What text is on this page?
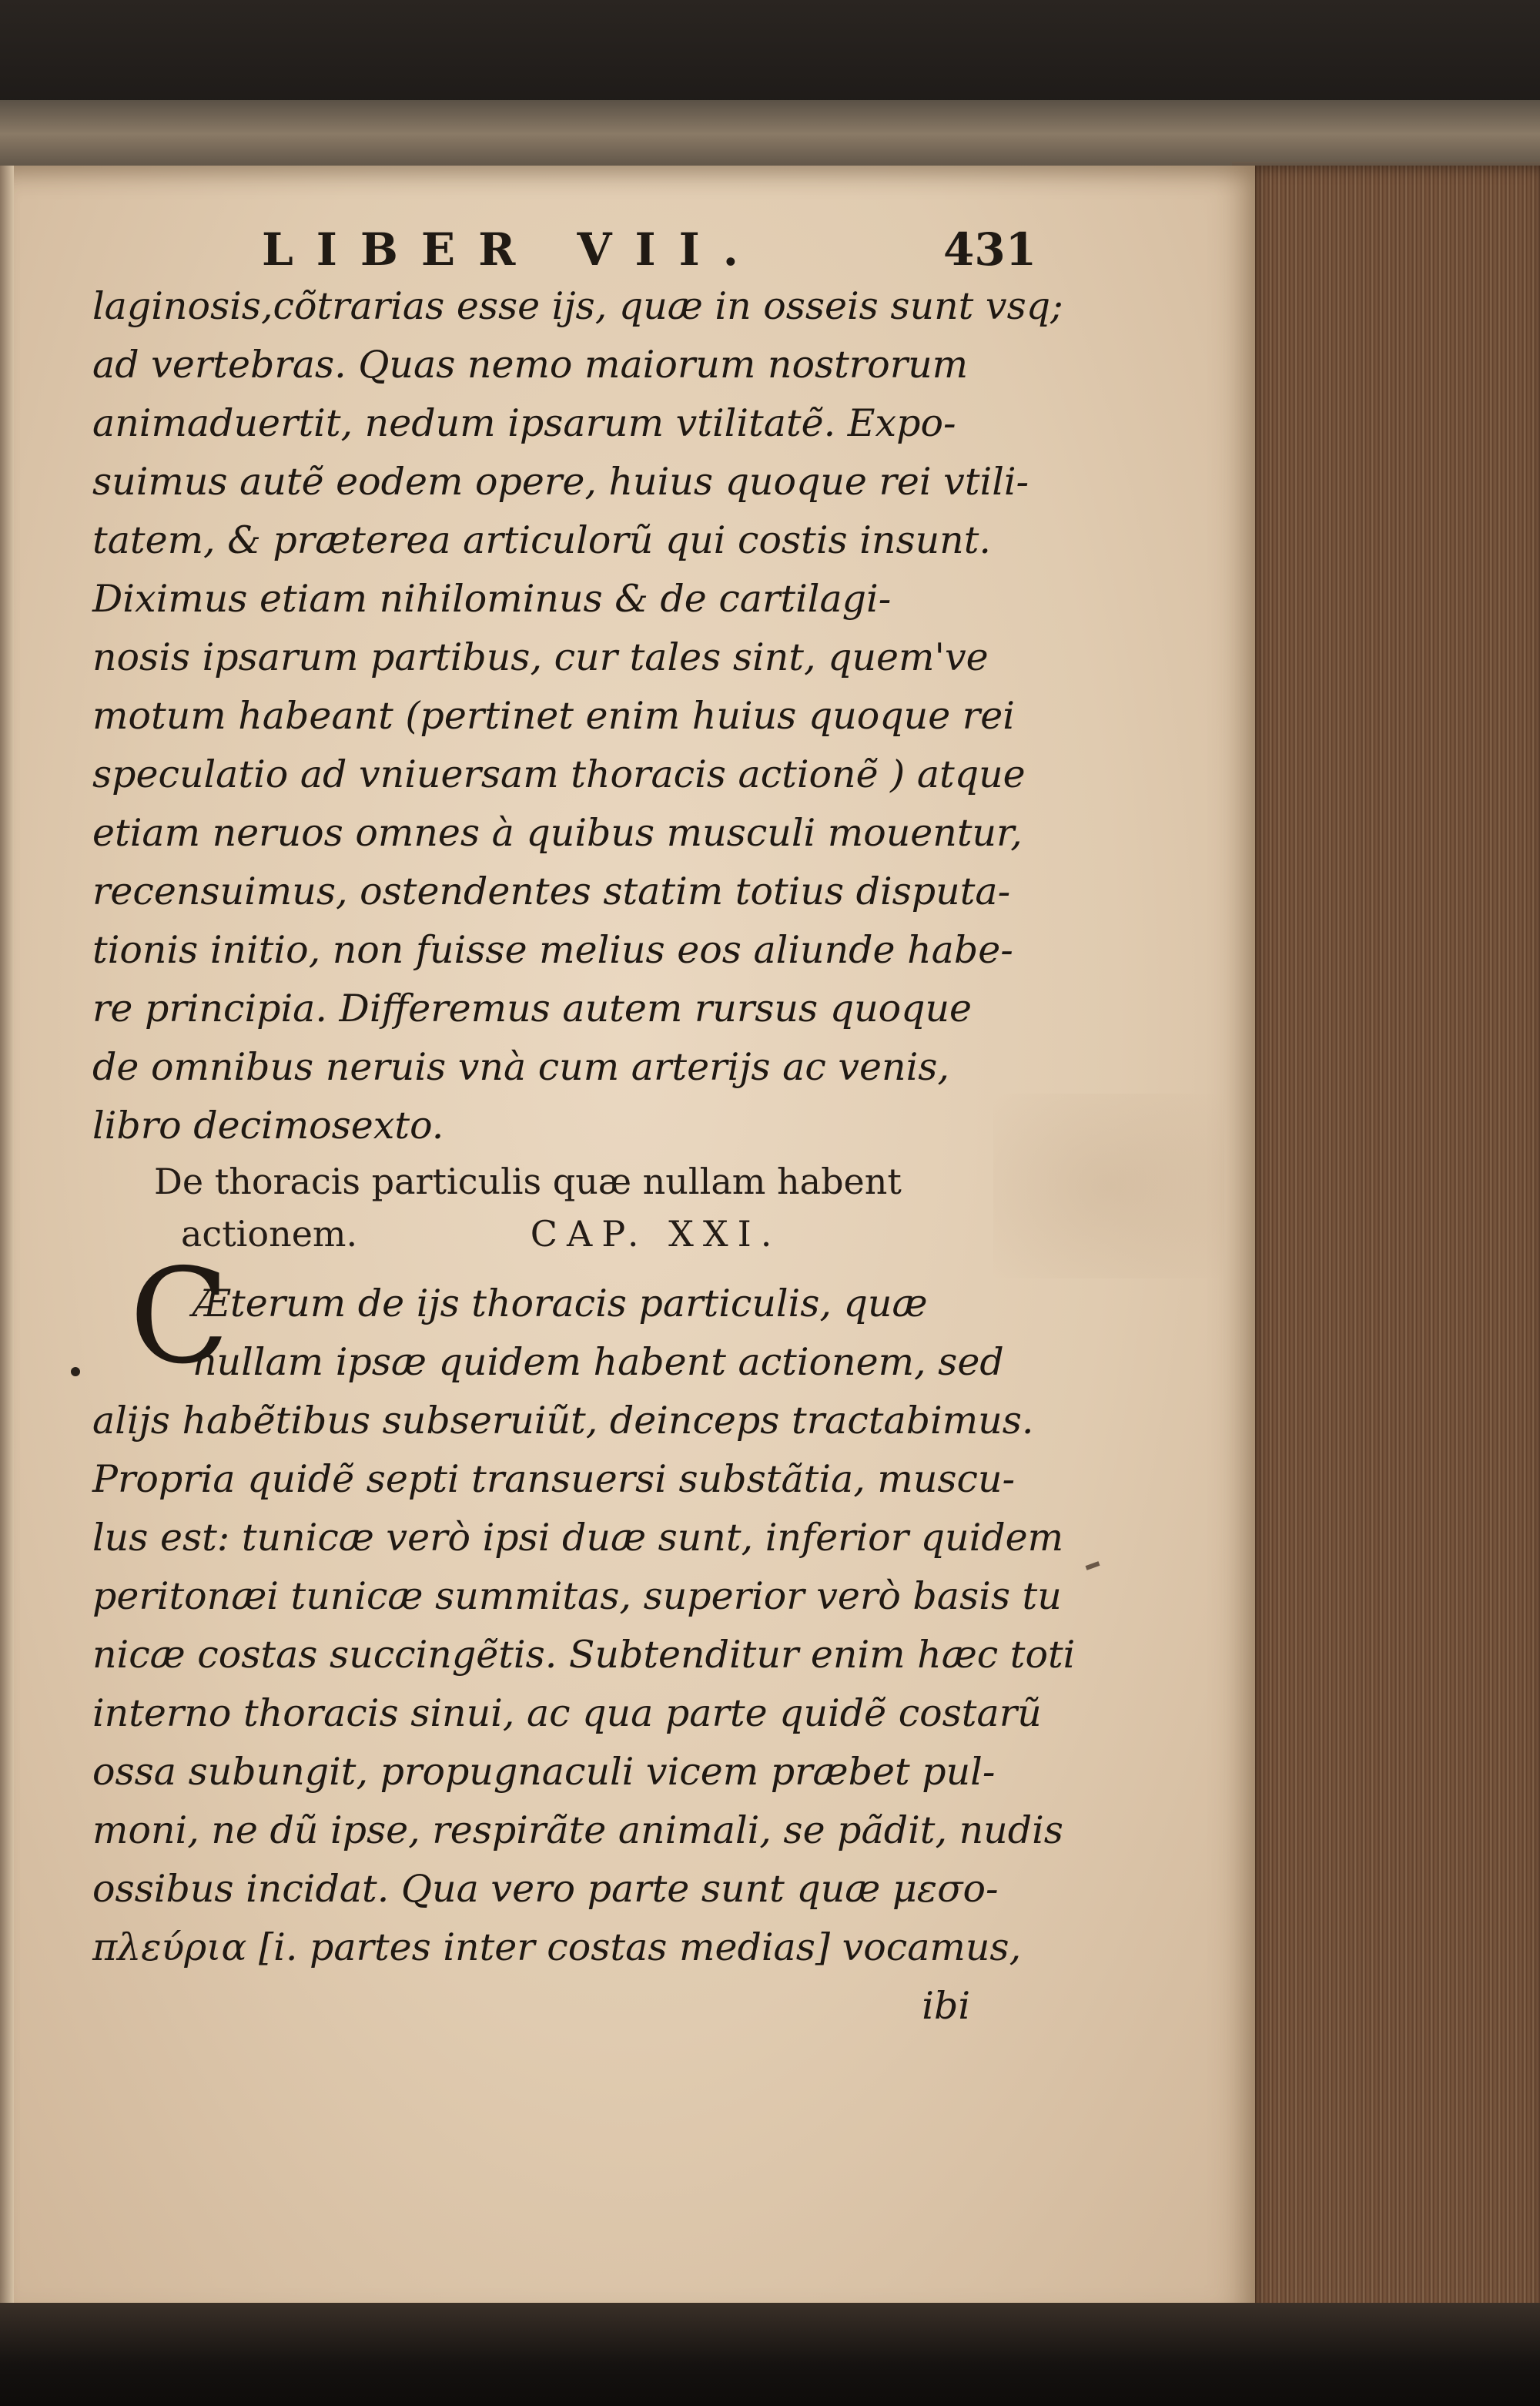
LIBER VII.	431
laginosis,cõtrarias esse ijs, quæ in osseis sunt vsq;
ad vertebras. Quas nemo maiorum nostrorum
animaduertit, nedum ipsarum vtilitatẽ. Expo-
suimus autẽ eodem opere, huius quoque rei vtili-
tatem, & præterea articulorũ qui costis insunt.
Diximus etiam nihilominus & de cartilagi-
nosis ipsarum partibus, cur tales sint, quem've
motum habeant (pertinet enim huius quoque rei
speculatio ad vniuersam thoracis actionẽ ) atque
etiam neruos omnes à quibus musculi mouentur,
recensuimus, ostendentes statim totius disputa-
tionis initio, non fuisse melius eos aliunde habe-
re principia. Differemus autem rursus quoque
de omnibus neruis vnà cum arterijs ac venis,
libro decimosexto.
De thoracis particulis quæ nullam habent
actionem.	CAP. XXI.
C
Æterum de ijs thoracis particulis, quæ
nullam ipsæ quidem habent actionem, sed
alijs habẽtibus subseruiũt, deinceps tractabimus.
Propria quidẽ septi transuersi substãtia, muscu-
lus est: tunicæ verò ipsi duæ sunt, inferior quidem
peritonæi tunicæ summitas, superior verò basis tu
nicæ costas succingẽtis. Subtenditur enim hæc toti
interno thoracis sinui, ac qua parte quidẽ costarũ
ossa subungit, propugnaculi vicem præbet pul-
moni, ne dũ ipse, respirãte animali, se pãdit, nudis
ossibus incidat. Qua vero parte sunt quæ μεσο-
πλεύρια [i. partes inter costas medias] vocamus,
ibi
